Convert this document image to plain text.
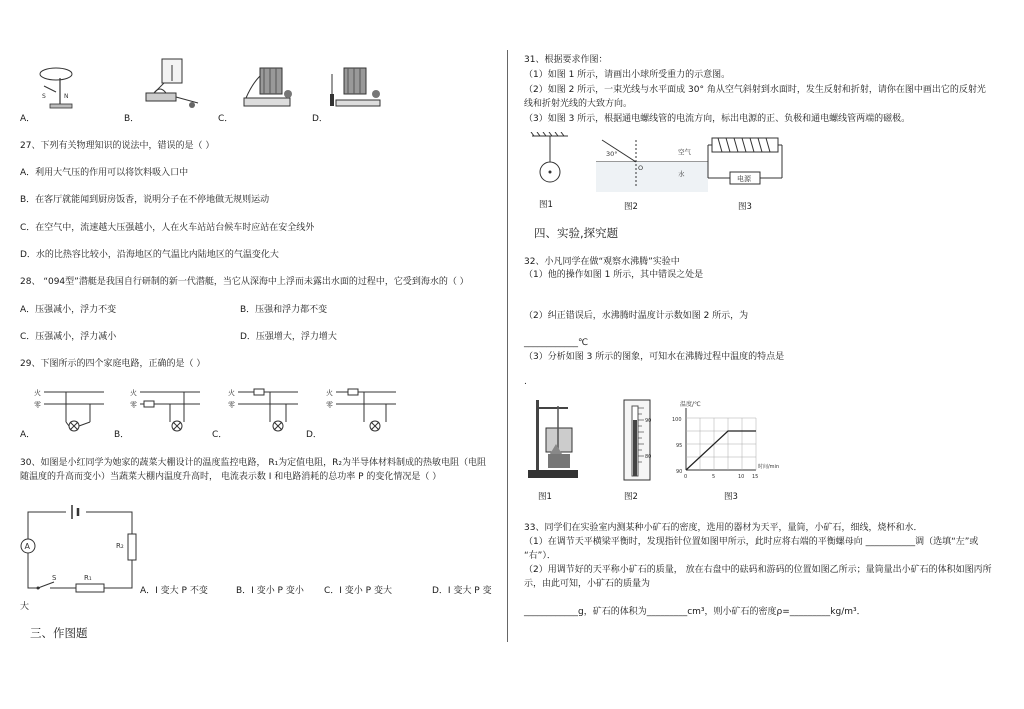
S	N
A．	B．	C．	D．
27、下列有关物理知识的说法中，错误的是（ ）
A．利用大气压的作用可以将饮料吸入口中
B．在客厅就能闻到厨房饭香，说明分子在不停地做无规则运动
C．在空气中，流速越大压强越小，人在火车站站台候车时应站在安全线外
D．水的比热容比较小，沿海地区的气温比内陆地区的气温变化大
28、 “094型”潜艇是我国自行研制的新一代潜艇，当它从深海中上浮而未露出水面的过程中，它受到海水的（ ）
A．压强减小，浮力不变	B．压强和浮力都不变
C．压强减小，浮力减小	D．压强增大，浮力增大
29、下图所示的四个家庭电路，正确的是（ ）
火
零
A．
火
零
B．
火
零
C．
火
零
D．
30、如图是小红同学为她家的蔬菜大棚设计的温度监控电路， R₁为定值电阻，R₂为半导体材料制成的热敏电阻（电阻
随温度的升高而变小）当蔬菜大棚内温度升高时， 电流表示数 I 和电路消耗的总功率 P 的变化情况是（ ）
A	R₂
S	R₁
A．I 变大 P 不变	B．I 变小 P 变小 C．I 变小 P 变大	D．I 变大 P 变
大
三、作图题
31、根据要求作图：
（1）如图 1 所示，请画出小球所受重力的示意图。
（2）如图 2 所示，一束光线与水平面成 30° 角从空气斜射到水面时，发生反射和折射，请你在图中画出它的反射光
线和折射光线的大致方向。
（3）如图 3 所示，根据通电螺线管的电流方向，标出电源的正、负极和通电螺线管两端的磁极。
图1
30°
O
空气
水
图2
电源
图3
四、实验,探究题
32、小凡同学在做“观察水沸腾”实验中
（1）他的操作如图 1 所示，其中错误之处是
（2）纠正错误后，水沸腾时温度计示数如图 2 所示，为
____________℃
（3）分析如图 3 所示的图象，可知水在沸腾过程中温度的特点是
.
图1
90
80
图2
温度/℃
100
95
90
0	5	10 15
时间/min
图3
33、同学们在实验室内测某种小矿石的密度，选用的器材为天平，量筒，小矿石，细线，烧杯和水．
（1）在调节天平横梁平衡时，发现指针位置如图甲所示，此时应将右端的平衡螺母向 ___________调（选填“左”或
“右”）．
（2）用调节好的天平称小矿石的质量， 放在右盘中的砝码和游码的位置如图乙所示；量筒量出小矿石的体积如图丙所
示，由此可知，小矿石的质量为
____________g，矿石的体积为_________cm³，则小矿石的密度ρ=_________kg/m³．
